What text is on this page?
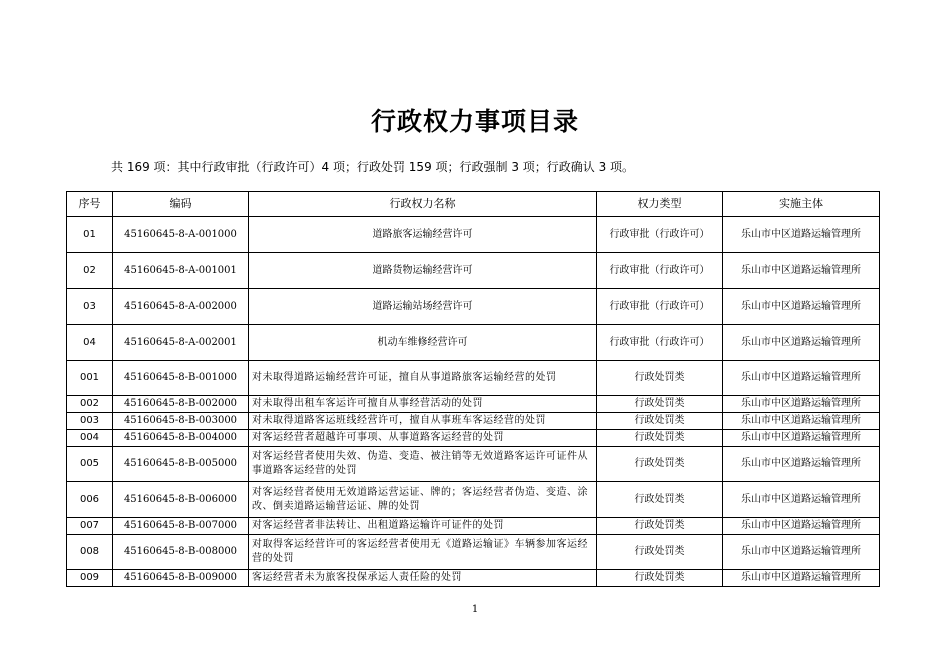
行政权力事项目录
共 169 项：其中行政审批（行政许可）4 项；行政处罚 159 项；行政强制 3 项；行政确认 3 项。
序号	编码	行政权力名称	权力类型	实施主体
01	45160645-8-A-001000	道路旅客运输经营许可	行政审批（行政许可）	乐山市中区道路运输管理所
02	45160645-8-A-001001	道路货物运输经营许可	行政审批（行政许可）	乐山市中区道路运输管理所
03	45160645-8-A-002000	道路运输站场经营许可	行政审批（行政许可）	乐山市中区道路运输管理所
04	45160645-8-A-002001	机动车维修经营许可	行政审批（行政许可）	乐山市中区道路运输管理所
001	45160645-8-B-001000	对未取得道路运输经营许可证，擅自从事道路旅客运输经营的处罚	行政处罚类	乐山市中区道路运输管理所
002	45160645-8-B-002000	对未取得出租车客运许可擅自从事经营活动的处罚	行政处罚类	乐山市中区道路运输管理所
003	45160645-8-B-003000	对未取得道路客运班线经营许可，擅自从事班车客运经营的处罚	行政处罚类	乐山市中区道路运输管理所
004	45160645-8-B-004000	对客运经营者超越许可事项、从事道路客运经营的处罚	行政处罚类	乐山市中区道路运输管理所
005	45160645-8-B-005000	对客运经营者使用失效、伪造、变造、被注销等无效道路客运许可证件从事道路客运经营的处罚	行政处罚类	乐山市中区道路运输管理所
006	45160645-8-B-006000	对客运经营者使用无效道路运营运证、牌的；客运经营者伪造、变造、涂改、倒卖道路运输营运证、牌的处罚	行政处罚类	乐山市中区道路运输管理所
007	45160645-8-B-007000	对客运经营者非法转让、出租道路运输许可证件的处罚	行政处罚类	乐山市中区道路运输管理所
008	45160645-8-B-008000	对取得客运经营许可的客运经营者使用无《道路运输证》车辆参加客运经营的处罚	行政处罚类	乐山市中区道路运输管理所
009	45160645-8-B-009000	客运经营者未为旅客投保承运人责任险的处罚	行政处罚类	乐山市中区道路运输管理所
1
